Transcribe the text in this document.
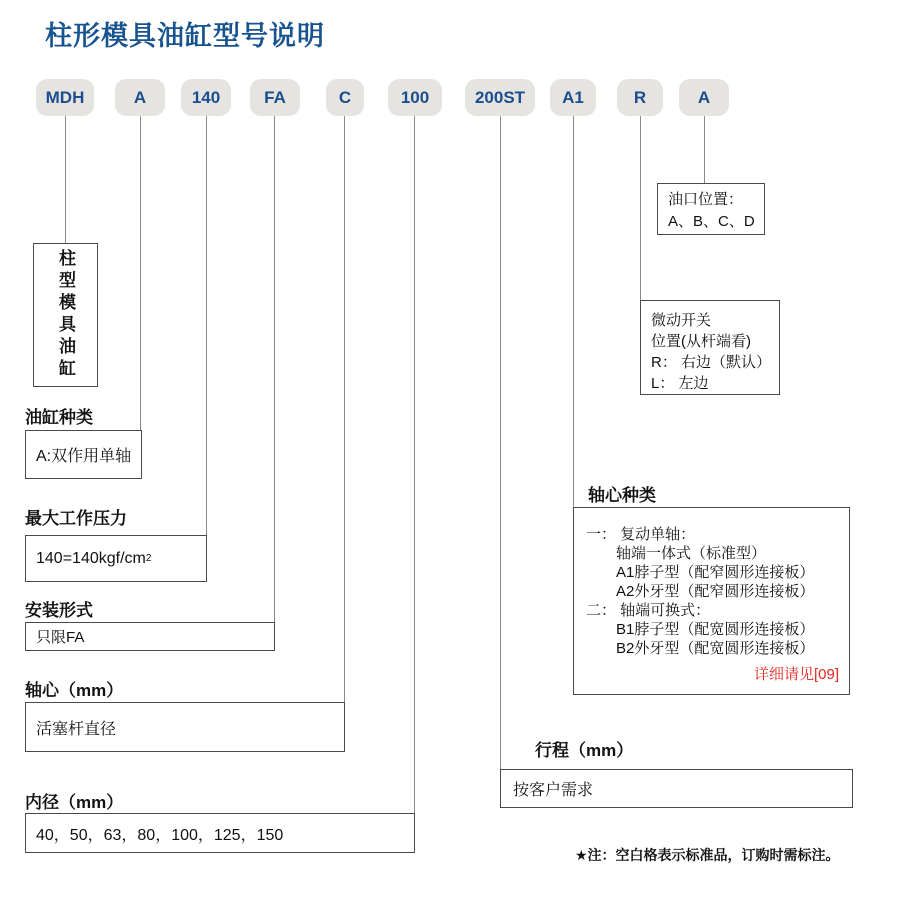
柱形模具油缸型号说明
MDH	A	140	FA	C	100	200ST	A1	R	A
柱型模具油缸
油缸种类
A:双作用单轴
最大工作压力
140=140kgf/cm 2
安装形式
只限FA
轴心（mm）
活塞杆直径
内径（mm）
40，50，63，80，100，125，150
行程（mm）
按客户需求
轴心种类
一： 复动单轴：
轴端一体式（标准型）
A1脖子型（配窄圆形连接板）
A2外牙型（配窄圆形连接板）
二： 轴端可换式：
B1脖子型（配宽圆形连接板）
B2外牙型（配宽圆形连接板）
详细请见[09]
微动开关
位置(从杆端看)
R： 右边（默认）
L： 左边
油口位置：
A、B、C、D
★注：空白格表示标准品，订购时需标注。
